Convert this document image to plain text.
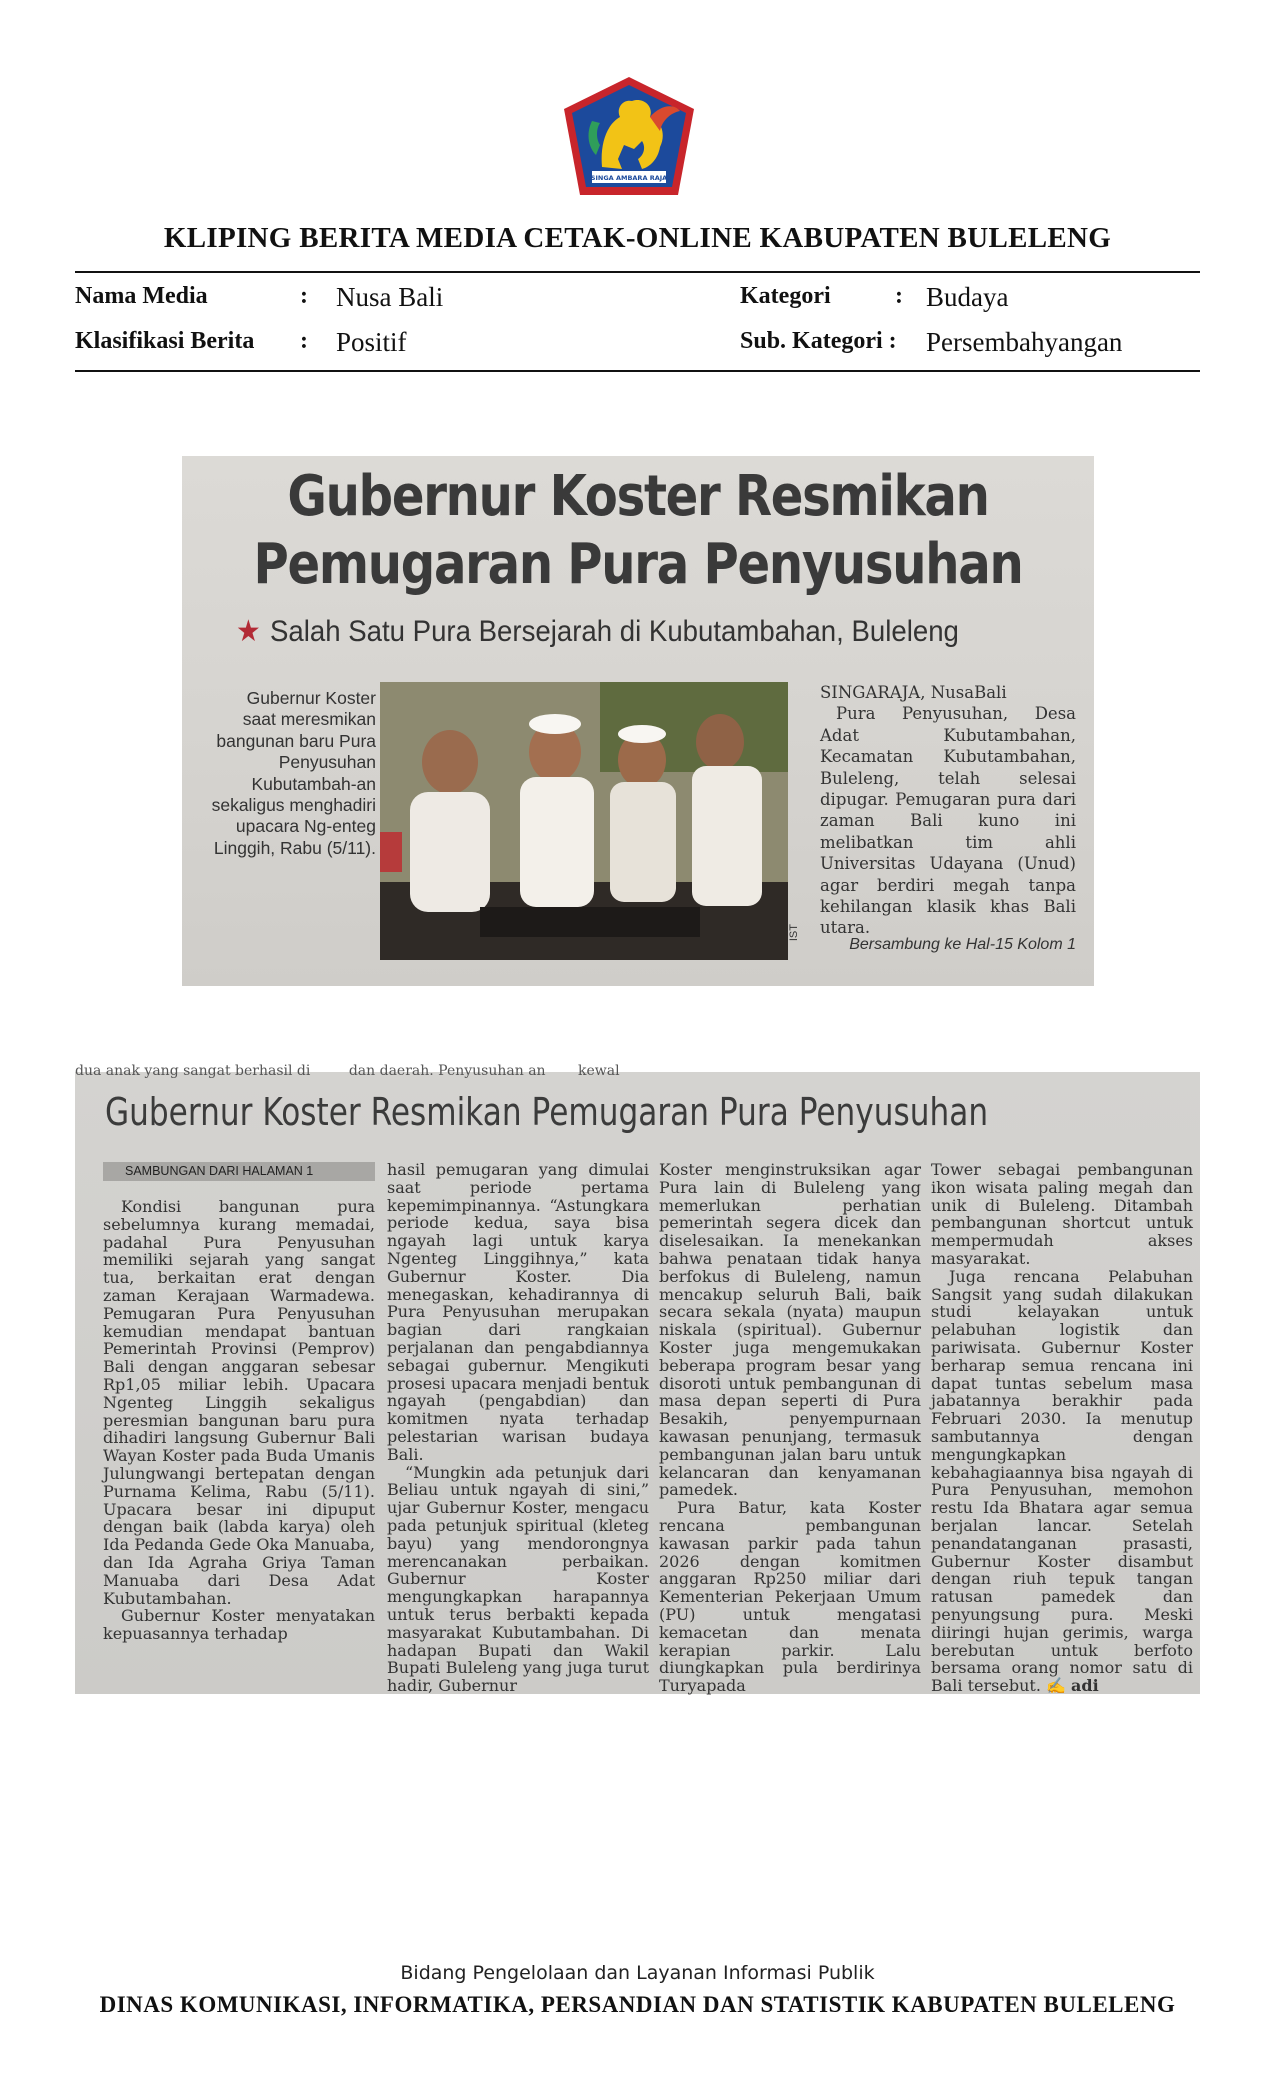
SINGA AMBARA RAJA
KLIPING BERITA MEDIA CETAK-ONLINE KABUPATEN BULELENG
Nama Media	: Nusa Bali	Kategori	: Budaya
Klasifikasi Berita : Positif	Sub. Kategori : Persembahyangan
Gubernur Koster Resmikan
Pemugaran Pura Penyusuhan
★ Salah Satu Pura Bersejarah di Kubutambahan, Buleleng
Gubernur Koster saat meresmikan bangunan baru Pura Penyusuhan Kubutambah-an sekaligus menghadiri upacara Ng-enteg Linggih, Rabu (5/11).
IST
SINGARAJA, NusaBali
Pura Penyusuhan, Desa Adat Kubutambahan, Kecamatan Kubutambahan, Buleleng, telah selesai dipugar. Pemugaran pura dari zaman Bali kuno ini melibatkan tim ahli Universitas Udayana (Unud) agar berdiri megah tanpa kehilangan klasik khas Bali utara.
Bersambung ke Hal-15 Kolom 1
dua anak yang sangat berhasil di	dan daerah. Penyusuhan an kewal
Gubernur Koster Resmikan Pemugaran Pura Penyusuhan
SAMBUNGAN DARI HALAMAN 1
Kondisi bangunan pura sebelumnya kurang memadai, padahal Pura Penyusuhan memiliki sejarah yang sangat tua, berkaitan erat dengan zaman Kerajaan Warmadewa. Pemugaran Pura Penyusuhan kemudian mendapat bantuan Pemerintah Provinsi (Pemprov) Bali dengan anggaran sebesar Rp1,05 miliar lebih. Upacara Ngenteg Linggih sekaligus peresmian bangunan baru pura dihadiri langsung Gubernur Bali Wayan Koster pada Buda Umanis Julungwangi bertepatan dengan Purnama Kelima, Rabu (5/11). Upacara besar ini dipuput dengan baik (labda karya) oleh Ida Pedanda Gede Oka Manuaba, dan Ida Agraha Griya Taman Manuaba dari Desa Adat Kubutambahan.
Gubernur Koster menyatakan kepuasannya terhadap
hasil pemugaran yang dimulai saat periode pertama kepemimpinannya. “Astungkara periode kedua, saya bisa ngayah lagi untuk karya Ngenteg Linggihnya,” kata Gubernur Koster. Dia menegaskan, kehadirannya di Pura Penyusuhan merupakan bagian dari rangkaian perjalanan dan pengabdiannya sebagai gubernur. Mengikuti prosesi upacara menjadi bentuk ngayah (pengabdian) dan komitmen nyata terhadap pelestarian warisan budaya Bali.
“Mungkin ada petunjuk dari Beliau untuk ngayah di sini,” ujar Gubernur Koster, mengacu pada petunjuk spiritual (kleteg bayu) yang mendorongnya merencanakan perbaikan. Gubernur Koster mengungkapkan harapannya untuk terus berbakti kepada masyarakat Kubutambahan. Di hadapan Bupati dan Wakil Bupati Buleleng yang juga turut hadir, Gubernur
Koster menginstruksikan agar Pura lain di Buleleng yang memerlukan perhatian pemerintah segera dicek dan diselesaikan. Ia menekankan bahwa penataan tidak hanya berfokus di Buleleng, namun mencakup seluruh Bali, baik secara sekala (nyata) maupun niskala (spiritual). Gubernur Koster juga mengemukakan beberapa program besar yang disoroti untuk pembangunan di masa depan seperti di Pura Besakih, penyempurnaan kawasan penunjang, termasuk pembangunan jalan baru untuk kelancaran dan kenyamanan pamedek.
Pura Batur, kata Koster rencana pembangunan kawasan parkir pada tahun 2026 dengan komitmen anggaran Rp250 miliar dari Kementerian Pekerjaan Umum (PU) untuk mengatasi kemacetan dan menata kerapian parkir. Lalu diungkapkan pula berdirinya Turyapada
Tower sebagai pembangunan ikon wisata paling megah dan unik di Buleleng. Ditambah pembangunan shortcut untuk mempermudah akses masyarakat.
Juga rencana Pelabuhan Sangsit yang sudah dilakukan studi kelayakan untuk pelabuhan logistik dan pariwisata. Gubernur Koster berharap semua rencana ini dapat tuntas sebelum masa jabatannya berakhir pada Februari 2030. Ia menutup sambutannya dengan mengungkapkan kebahagiaannya bisa ngayah di Pura Penyusuhan, memohon restu Ida Bhatara agar semua berjalan lancar. Setelah penandatanganan prasasti, Gubernur Koster disambut dengan riuh tepuk tangan ratusan pamedek dan penyungsung pura. Meski diiringi hujan gerimis, warga berebutan untuk berfoto bersama orang nomor satu di Bali tersebut. ✍ adi
Bidang Pengelolaan dan Layanan Informasi Publik
DINAS KOMUNIKASI, INFORMATIKA, PERSANDIAN DAN STATISTIK KABUPATEN BULELENG
